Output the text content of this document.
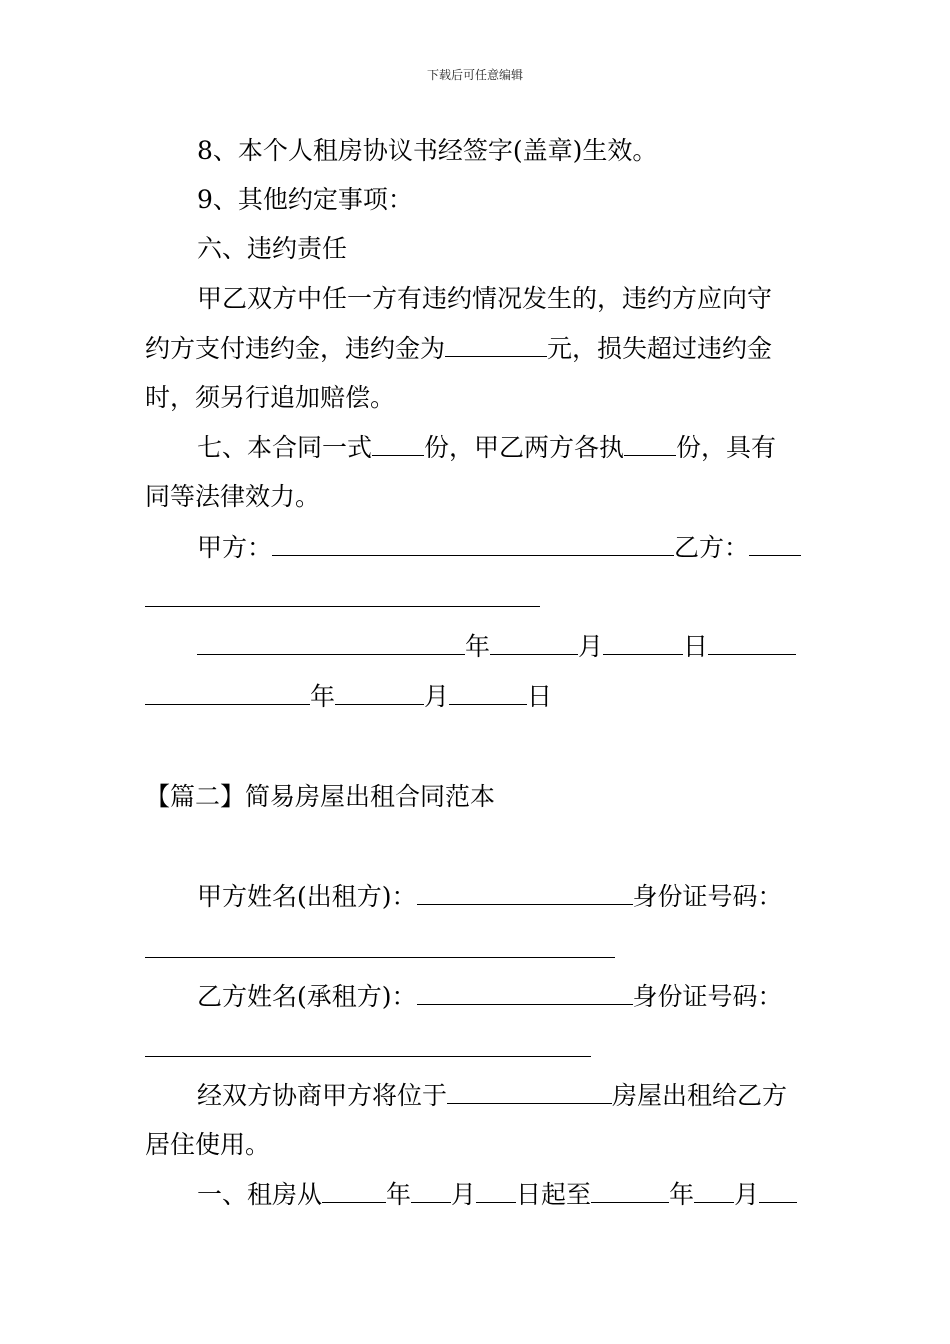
下载后可任意编辑
8、本个人租房协议书经签字(盖章)生效。
9、其他约定事项：
六、违约责任
甲乙双方中任一方有违约情况发生的，违约方应向守
约方支付违约金，违约金为	元，损失超过违约金
时，须另行追加赔偿。
七、本合同一式 份，甲乙两方各执 份，具有
同等法律效力。
甲方：	乙方：
年	月	日
年	月	日
【篇二】简易房屋出租合同范本
甲方姓名(出租方)：	身份证号码：
乙方姓名(承租方)：	身份证号码：
经双方协商甲方将位于	房屋出租给乙方
居住使用。
一、租房从	年 月 日起至	年 月
